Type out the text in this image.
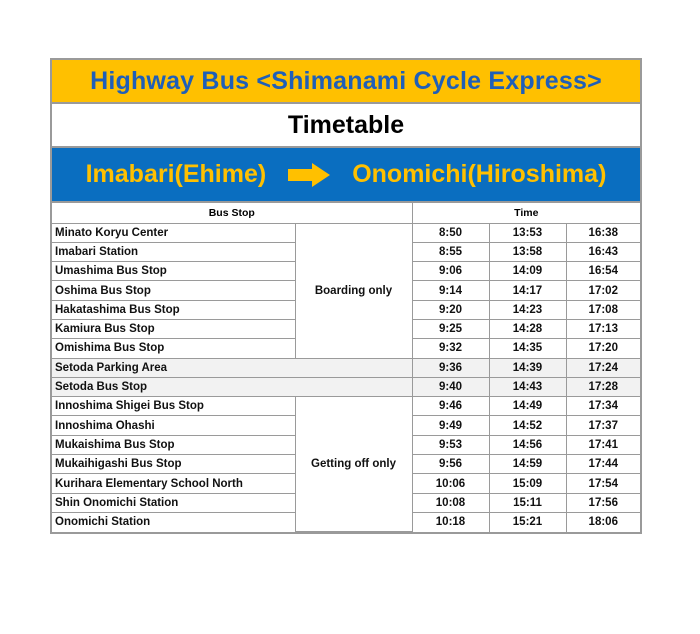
Highway Bus <Shimanami Cycle Express>
Timetable
Imabari(Ehime)	Onomichi(Hiroshima)
Bus Stop		Time		
Minato Koryu Center	Boarding only	8:50	13:53	16:38
Imabari Station		8:55	13:58	16:43
Umashima Bus Stop		9:06	14:09	16:54
Oshima Bus Stop		9:14	14:17	17:02
Hakatashima Bus Stop		9:20	14:23	17:08
Kamiura Bus Stop		9:25	14:28	17:13
Omishima Bus Stop		9:32	14:35	17:20
Setoda Parking Area		9:36	14:39	17:24
Setoda Bus Stop		9:40	14:43	17:28
Innoshima Shigei Bus Stop	Getting off only	9:46	14:49	17:34
Innoshima Ohashi		9:49	14:52	17:37
Mukaishima Bus Stop		9:53	14:56	17:41
Mukaihigashi Bus Stop		9:56	14:59	17:44
Kurihara Elementary School North		10:06	15:09	17:54
Shin Onomichi Station		10:08	15:11	17:56
Onomichi Station		10:18	15:21	18:06
